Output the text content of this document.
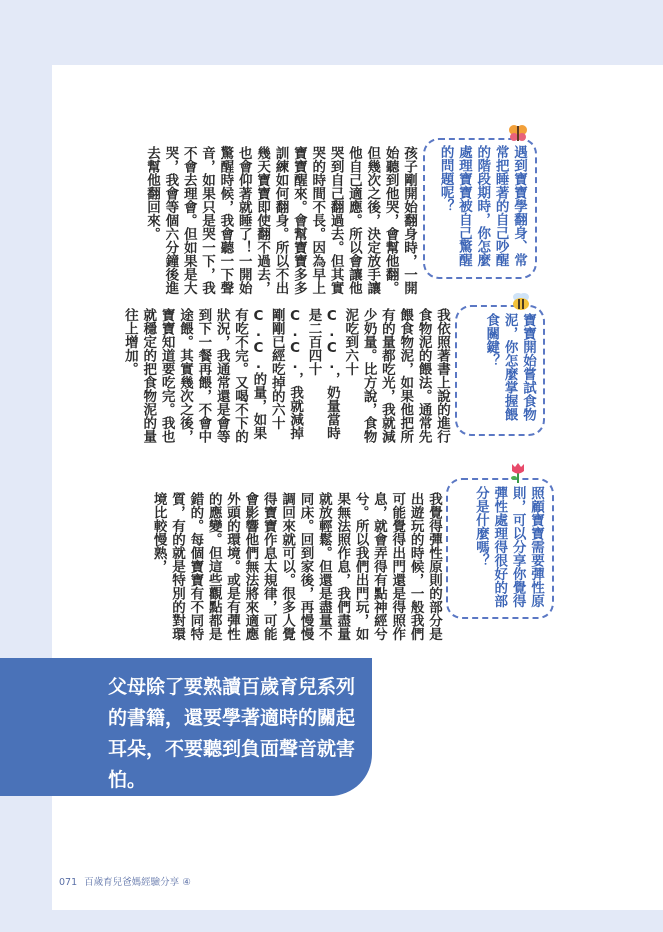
遇到寶寶學翻身、常常把睡著的自己吵醒的階段期時，你怎麼處理寶寶被自己驚醒的問題呢？
寶寶開始嘗試食物泥，你怎麼掌握餵食關鍵？
照顧寶寶需要彈性原則，可以分享你覺得彈性處理得很好的部分是什麼嗎？
孩子剛開始翻身時，一開始聽到他哭，會幫他翻。但幾次之後，決定放手讓他自己適應。所以會讓他哭到自己翻過去。但其實哭的時間不長。因為早上寶寶醒來。會幫寶寶多多訓練如何翻身。所以不出幾天寶寶即使翻不過去，也會仰著就睡了！一開始驚醒時候，我會聽一下聲音，如果只是哭一下，我不會去理會。但如果是大哭，我會等個六分鐘後進去幫他翻回來。
我依照著書上說的進行食物泥的餵法。通常先餵食物泥，如果他把所有的量都吃光，我就減少奶量。比方說，食物泥吃到六十C.C.，奶量當時是二百四十C.C.，我就減掉剛剛已經吃掉的六十C.C.的量，如果有吃不完。又喝不下的狀況，我通常還是會等到下一餐再餵，不會中途餵。其實幾次之後，寶寶知道要吃完。我也就穩定的把食物泥的量往上增加。
我覺得彈性原則的部分是出遊玩的時候，一般我們可能覺得出門還是得照作息，就會弄得有點神經兮兮。所以我們出門玩，如果無法照作息，我們盡量就放輕鬆。但還是盡量不同床。回到家後，再慢慢調回來就可以。很多人覺得寶寶作息太規律，可能會影響他們無法將來適應外頭的環境。或是有彈性的應變。但這些觀點都是錯的。每個寶寶有不同特質，有的就是特別的對環境比較慢熟，
父母除了要熟讀百歲育兒系列的書籍，還要學著適時的關起耳朵，不要聽到負面聲音就害怕。
071 百歲育兒爸媽經驗分享 ④
